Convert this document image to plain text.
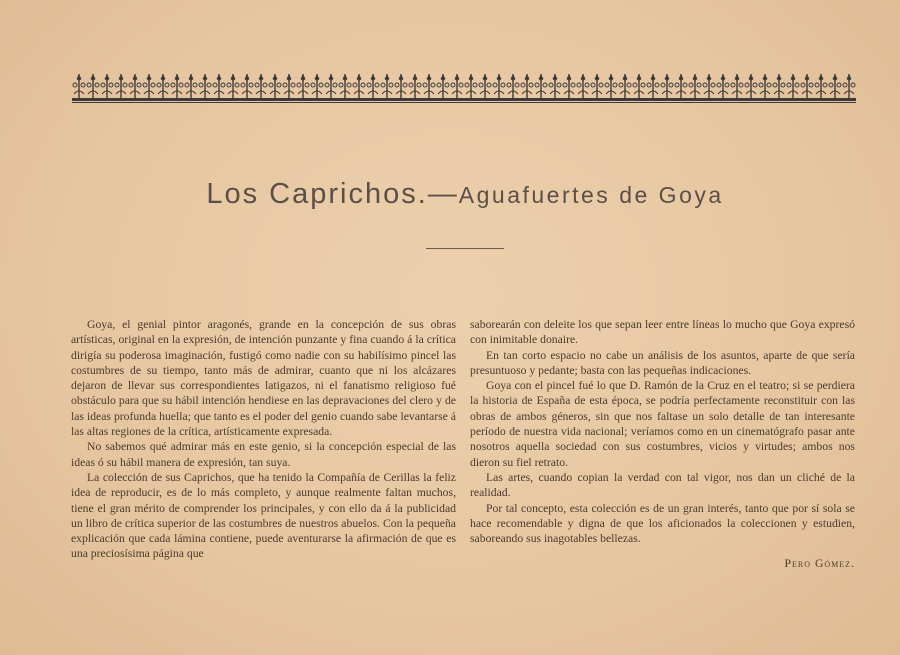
Los Caprichos.—Aguafuertes de Goya

Goya, el genial pintor aragonés, grande en la concepción de sus obras artísticas, original en la expresión, de intención punzante y fina cuando á la crítica dirigía su poderosa imaginación, fustigó como nadie con su habilísimo pincel las costumbres de su tiempo, tanto más de admirar, cuanto que ni los alcázares dejaron de llevar sus correspondientes latigazos, ni el fanatismo religioso fué obstáculo para que su hábil intención hendiese en las depravaciones del clero y de las ideas profunda huella; que tanto es el poder del genio cuando sabe levantarse á las altas regiones de la crítica, artísticamente expresada.

No sabemos qué admirar más en este genio, si la concepción especial de las ideas ó su hábil manera de expresión, tan suya.

La colección de sus Caprichos, que ha tenido la Compañía de Cerillas la feliz idea de reproducir, es de lo más completo, y aunque realmente faltan muchos, tiene el gran mérito de comprender los principales, y con ello da á la publicidad un libro de crítica superior de las costumbres de nuestros abuelos. Con la pequeña explicación que cada lámina contiene, puede aventurarse la afirmación de que es una preciosísima página que

saborearán con deleite los que sepan leer entre líneas lo mucho que Goya expresó con inimitable donaire.

En tan corto espacio no cabe un análisis de los asuntos, aparte de que sería presuntuoso y pedante; basta con las pequeñas indicaciones.

Goya con el pincel fué lo que D. Ramón de la Cruz en el teatro; si se perdiera la historia de España de esta época, se podría perfectamente reconstituir con las obras de ambos géneros, sin que nos faltase un solo detalle de tan interesante período de nuestra vida nacional; veríamos como en un cinematógrafo pasar ante nosotros aquella sociedad con sus costumbres, vicios y virtudes; ambos nos dieron su fiel retrato.

Las artes, cuando copian la verdad con tal vigor, nos dan un cliché de la realidad.

Por tal concepto, esta colección es de un gran interés, tanto que por sí sola se hace recomendable y digna de que los aficionados la coleccionen y estudien, saboreando sus inagotables bellezas.

Pero Gómez.
